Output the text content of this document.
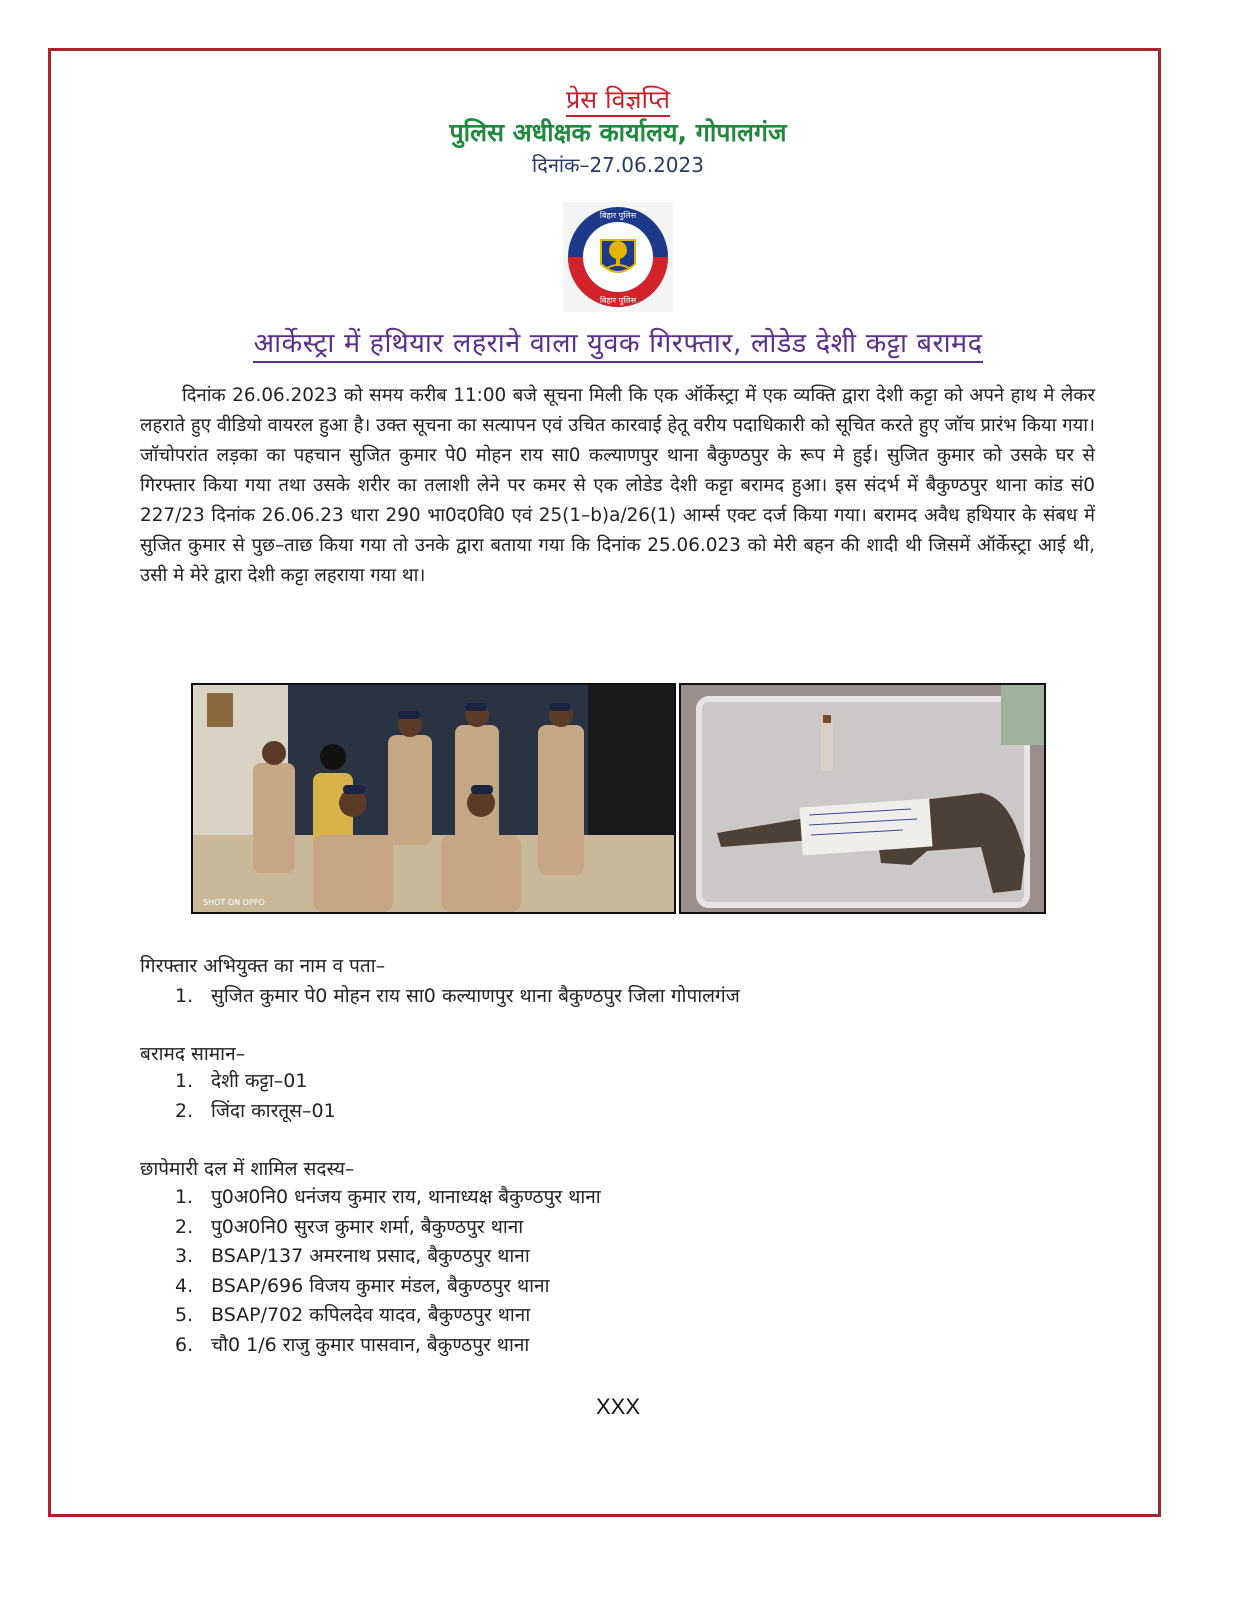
प्रेस विज्ञप्ति
पुलिस अधीक्षक कार्यालय, गोपालगंज
दिनांक–27.06.2023
बिहार पुलिस
बिहार पुलिस
आर्केस्ट्रा में हथियार लहराने वाला युवक गिरफ्तार, लोडेड देशी कट्टा बरामद
दिनांक 26.06.2023 को समय करीब 11:00 बजे सूचना मिली कि एक ऑर्केस्ट्रा में एक व्यक्ति द्वारा देशी कट्टा को अपने हाथ मे लेकर लहराते हुए वीडियो वायरल हुआ है। उक्त सूचना का सत्यापन एवं उचित कारवाई हेतू वरीय पदाधिकारी को सूचित करते हुए जॉच प्रारंभ किया गया। जॉचोपरांत लड़का का पहचान सुजित कुमार पे0 मोहन राय सा0 कल्याणपुर थाना बैकुण्ठपुर के रूप मे हुई। सुजित कुमार को उसके घर से गिरफ्तार किया गया तथा उसके शरीर का तलाशी लेने पर कमर से एक लोडेड देशी कट्टा बरामद हुआ। इस संदर्भ में बैकुण्ठपुर थाना कांड सं0 227/23 दिनांक 26.06.23 धारा 290 भा0द0वि0 एवं 25(1–b)a/26(1) आर्म्स एक्ट दर्ज किया गया। बरामद अवैध हथियार के संबध में सुजित कुमार से पुछ–ताछ किया गया तो उनके द्वारा बताया गया कि दिनांक 25.06.023 को मेरी बहन की शादी थी जिसमें ऑर्केस्ट्रा आई थी, उसी मे मेरे द्वारा देशी कट्टा लहराया गया था।
SHOT ON OPPO
गिरफ्तार अभियुक्त का नाम व पता–
1. सुजित कुमार पे0 मोहन राय सा0 कल्याणपुर थाना बैकुण्ठपुर जिला गोपालगंज
बरामद सामान–
1. देशी कट्टा–01
2. जिंदा कारतूस–01
छापेमारी दल में शामिल सदस्य–
1. पु0अ0नि0 धनंजय कुमार राय, थानाध्यक्ष बैकुण्ठपुर थाना
2. पु0अ0नि0 सुरज कुमार शर्मा, बैकुण्ठपुर थाना
3. BSAP/137 अमरनाथ प्रसाद, बैकुण्ठपुर थाना
4. BSAP/696 विजय कुमार मंडल, बैकुण्ठपुर थाना
5. BSAP/702 कपिलदेव यादव, बैकुण्ठपुर थाना
6. चौ0 1/6 राजु कुमार पासवान, बैकुण्ठपुर थाना
XXX
